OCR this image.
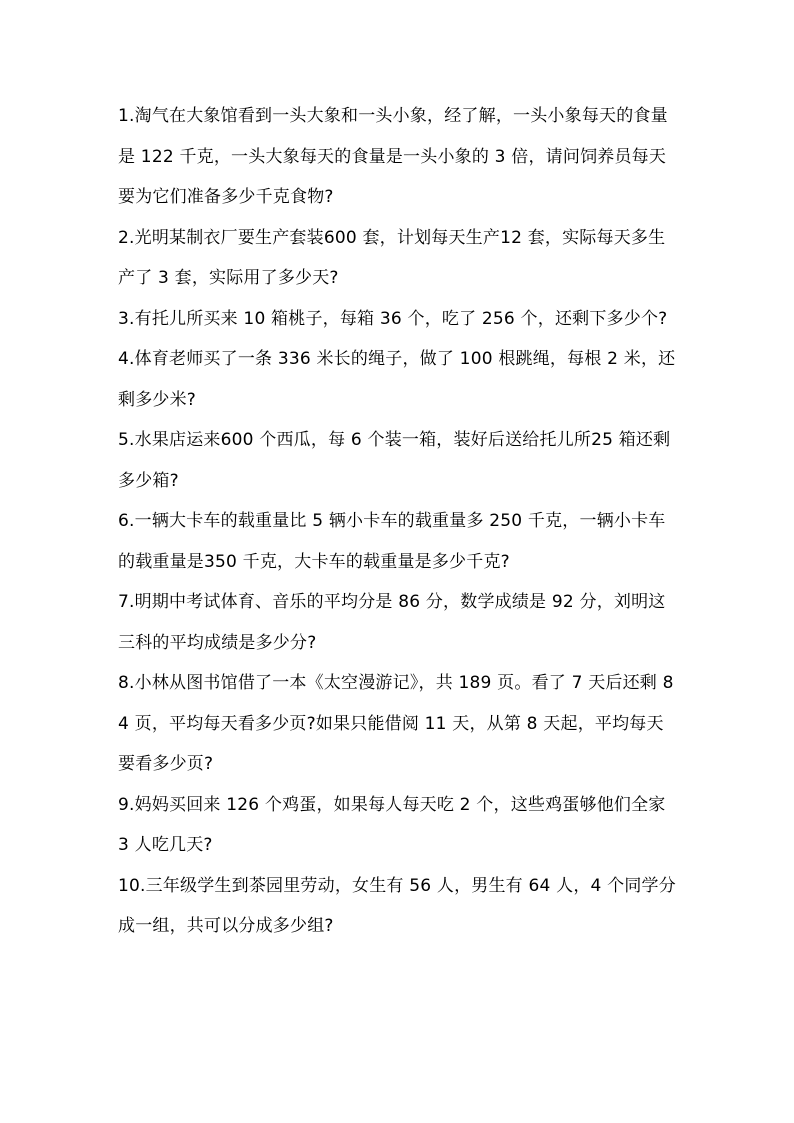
1.淘气在大象馆看到一头大象和一头小象，经了解，一头小象每天的食量是 122 千克，一头大象每天的食量是一头小象的 3 倍，请问饲养员每天要为它们准备多少千克食物?

2.光明某制衣厂要生产套装600 套，计划每天生产12 套，实际每天多生产了 3 套，实际用了多少天?

3.有托儿所买来 10 箱桃子，每箱 36 个，吃了 256 个，还剩下多少个?

4.体育老师买了一条 336 米长的绳子，做了 100 根跳绳，每根 2 米，还剩多少米?

5.水果店运来600 个西瓜，每 6 个装一箱，装好后送给托儿所25 箱还剩多少箱?

6.一辆大卡车的载重量比 5 辆小卡车的载重量多 250 千克，一辆小卡车的载重量是350 千克，大卡车的载重量是多少千克?

7.明期中考试体育、音乐的平均分是 86 分，数学成绩是 92 分，刘明这三科的平均成绩是多少分?

8.小林从图书馆借了一本《太空漫游记》，共 189 页。看了 7 天后还剩 84 页，平均每天看多少页?如果只能借阅 11 天，从第 8 天起，平均每天要看多少页?

9.妈妈买回来 126 个鸡蛋，如果每人每天吃 2 个，这些鸡蛋够他们全家 3 人吃几天?

10.三年级学生到茶园里劳动，女生有 56 人，男生有 64 人，4 个同学分成一组，共可以分成多少组?
